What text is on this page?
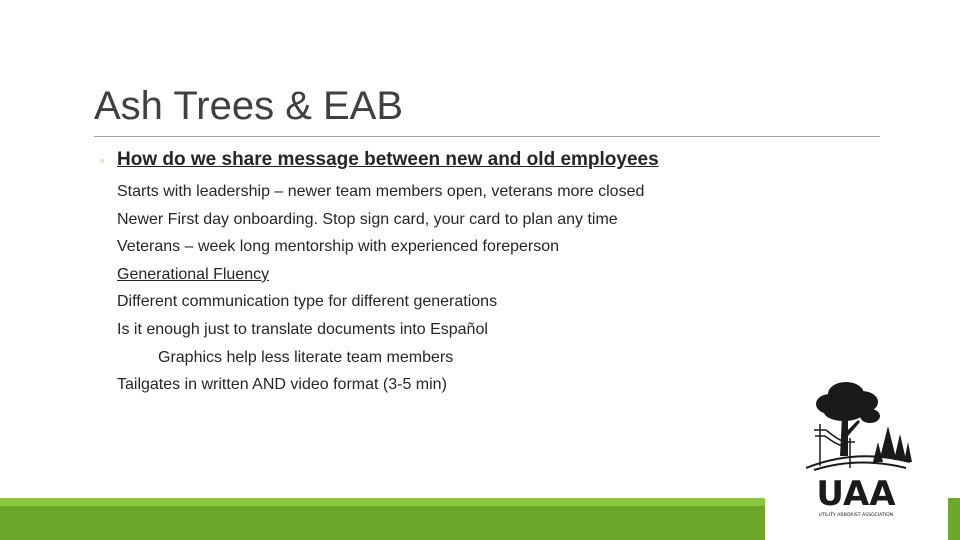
Ash Trees & EAB
◦ How do we share message between new and old employees
Starts with leadership – newer team members open, veterans more closed
Newer First day onboarding. Stop sign card, your card to plan any time
Veterans – week long mentorship with experienced foreperson
Generational Fluency
Different communication type for different generations
Is it enough just to translate documents into Español
Graphics help less literate team members
Tailgates in written AND video format (3-5 min)
UAA
UTILITY ARBORIST ASSOCIATION
